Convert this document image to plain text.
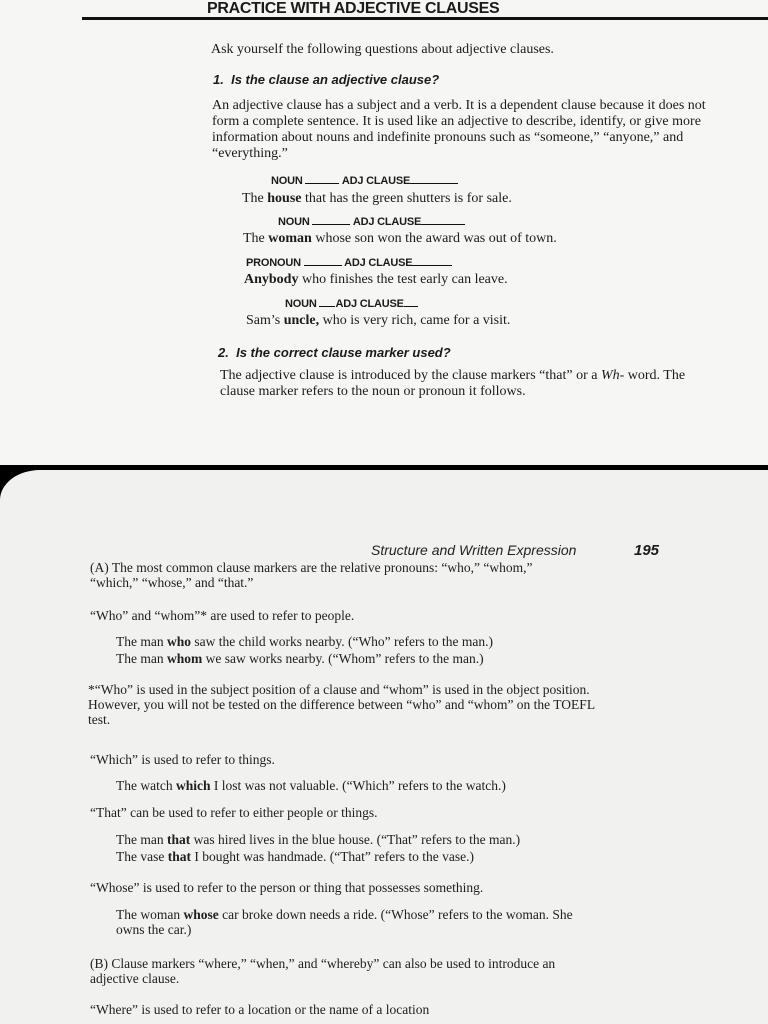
PRACTICE WITH ADJECTIVE CLAUSES

Ask yourself the following questions about adjective clauses.

1. Is the clause an adjective clause?

An adjective clause has a subject and a verb. It is a dependent clause because it does not form a complete sentence. It is used like an adjective to describe, identify, or give more information about nouns and indefinite pronouns such as “someone,” “anyone,” and “everything.”

NOUN	ADJ CLAUSE

The house that has the green shutters is for sale.

NOUN	ADJ CLAUSE

The woman whose son won the award was out of town.

PRONOUN	ADJ CLAUSE

Anybody who finishes the test early can leave.

NOUN ADJ CLAUSE

Sam’s uncle, who is very rich, came for a visit.

2. Is the correct clause marker used?

The adjective clause is introduced by the clause markers “that” or a Wh- word. The clause marker refers to the noun or pronoun it follows.

Structure and Written Expression	195

(A) The most common clause markers are the relative pronouns: “who,” “whom,” “which,” “whose,” and “that.”

“Who” and “whom”* are used to refer to people.

The man who saw the child works nearby. (“Who” refers to the man.)

The man whom we saw works nearby. (“Whom” refers to the man.)

*“Who” is used in the subject position of a clause and “whom” is used in the object position. However, you will not be tested on the difference between “who” and “whom” on the TOEFL test.

“Which” is used to refer to things.

The watch which I lost was not valuable. (“Which” refers to the watch.)

“That” can be used to refer to either people or things.

The man that was hired lives in the blue house. (“That” refers to the man.)

The vase that I bought was handmade. (“That” refers to the vase.)

“Whose” is used to refer to the person or thing that possesses something.

The woman whose car broke down needs a ride. (“Whose” refers to the woman. She owns the car.)

(B) Clause markers “where,” “when,” and “whereby” can also be used to introduce an adjective clause.

“Where” is used to refer to a location or the name of a location
